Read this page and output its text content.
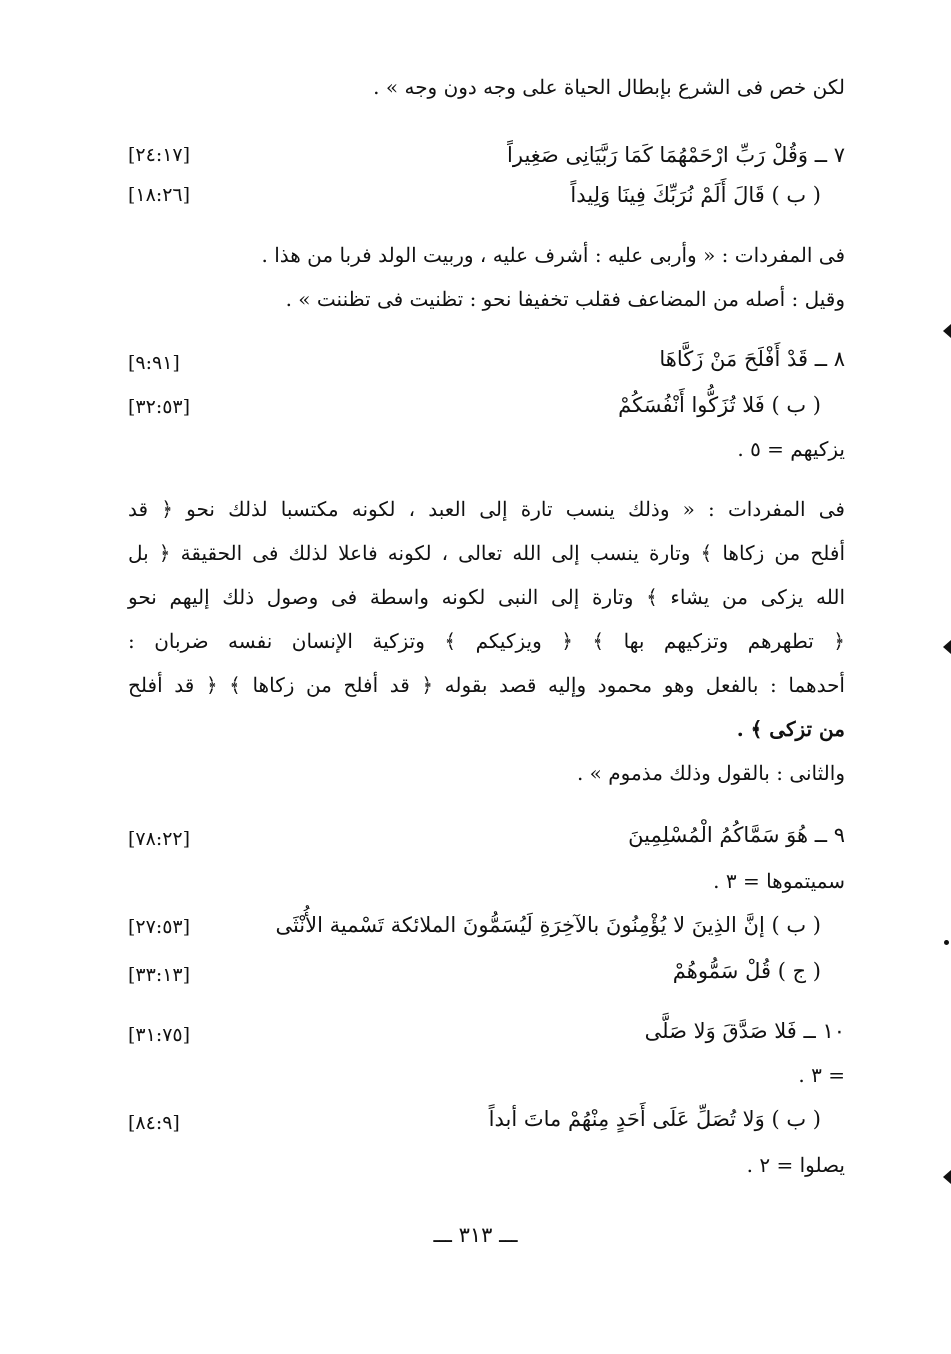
لكن خص فى الشرع بإبطال الحياة على وجه دون وجه » .
٧ ــ وَقُلْ رَبِّ ارْحَمْهُمَا كَمَا رَبَّيَانِى صَغِيراً
[٢٤:١٧]
( ب ) قَالَ أَلَمْ نُرَبِّكَ فِينَا وَلِيداً
[١٨:٢٦]
فى المفردات : « وأربى عليه : أشرف عليه ، وربيت الولد فربا من هذا .
وقيل : أصله من المضاعف فقلب تخفيفا نحو : تظنيت فى تظننت » .
٨ ــ قَدْ أَفْلَحَ مَنْ زَكَّاهَا
[٩:٩١]
( ب ) فَلا تُزَكُّوا أَنْفُسَكُمْ
[٣٢:٥٣]
يزكيهم = ٥ .
فى المفردات : « وذلك ينسب تارة إلى العبد ، لكونه مكتسبا لذلك نحو ﴿ قد
أفلح من زكاها ﴾ وتارة ينسب إلى الله تعالى ، لكونه فاعلا لذلك فى الحقيقة ﴿ بل
الله يزكى من يشاء ﴾ وتارة إلى النبى لكونه واسطة فى وصول ذلك إليهم نحو
﴿ تطهرهم وتزكيهم بها ﴾ ﴿ ويزكيكم ﴾ وتزكية الإنسان نفسه ضربان :
أحدهما : بالفعل وهو محمود وإليه قصد بقوله ﴿ قد أفلح من زكاها ﴾ ﴿ قد أفلح
من تزكى ﴾ .
والثانى : بالقول وذلك مذموم » .
٩ ــ هُوَ سَمَّاكُمُ الْمُسْلِمِينَ
[٧٨:٢٢]
سميتموها = ٣ .
( ب ) إنَّ الذِينَ لا يُؤْمِنُونَ بالآخِرَةِ لَيُسَمُّونَ الملائكة تَسْمية الأُنْثَى
[٢٧:٥٣]
( ج ) قُلْ سَمُّوهُمْ
[٣٣:١٣]
١٠ ــ فَلا صَدَّقَ وَلا صَلَّى
[٣١:٧٥]
= ٣ .
( ب ) وَلا تُصَلِّ عَلَى أَحَدٍ مِنْهُمْ ماتَ أبداً
[٨٤:٩]
يصلوا = ٢ .
ـــ ٣١٣ ـــ
